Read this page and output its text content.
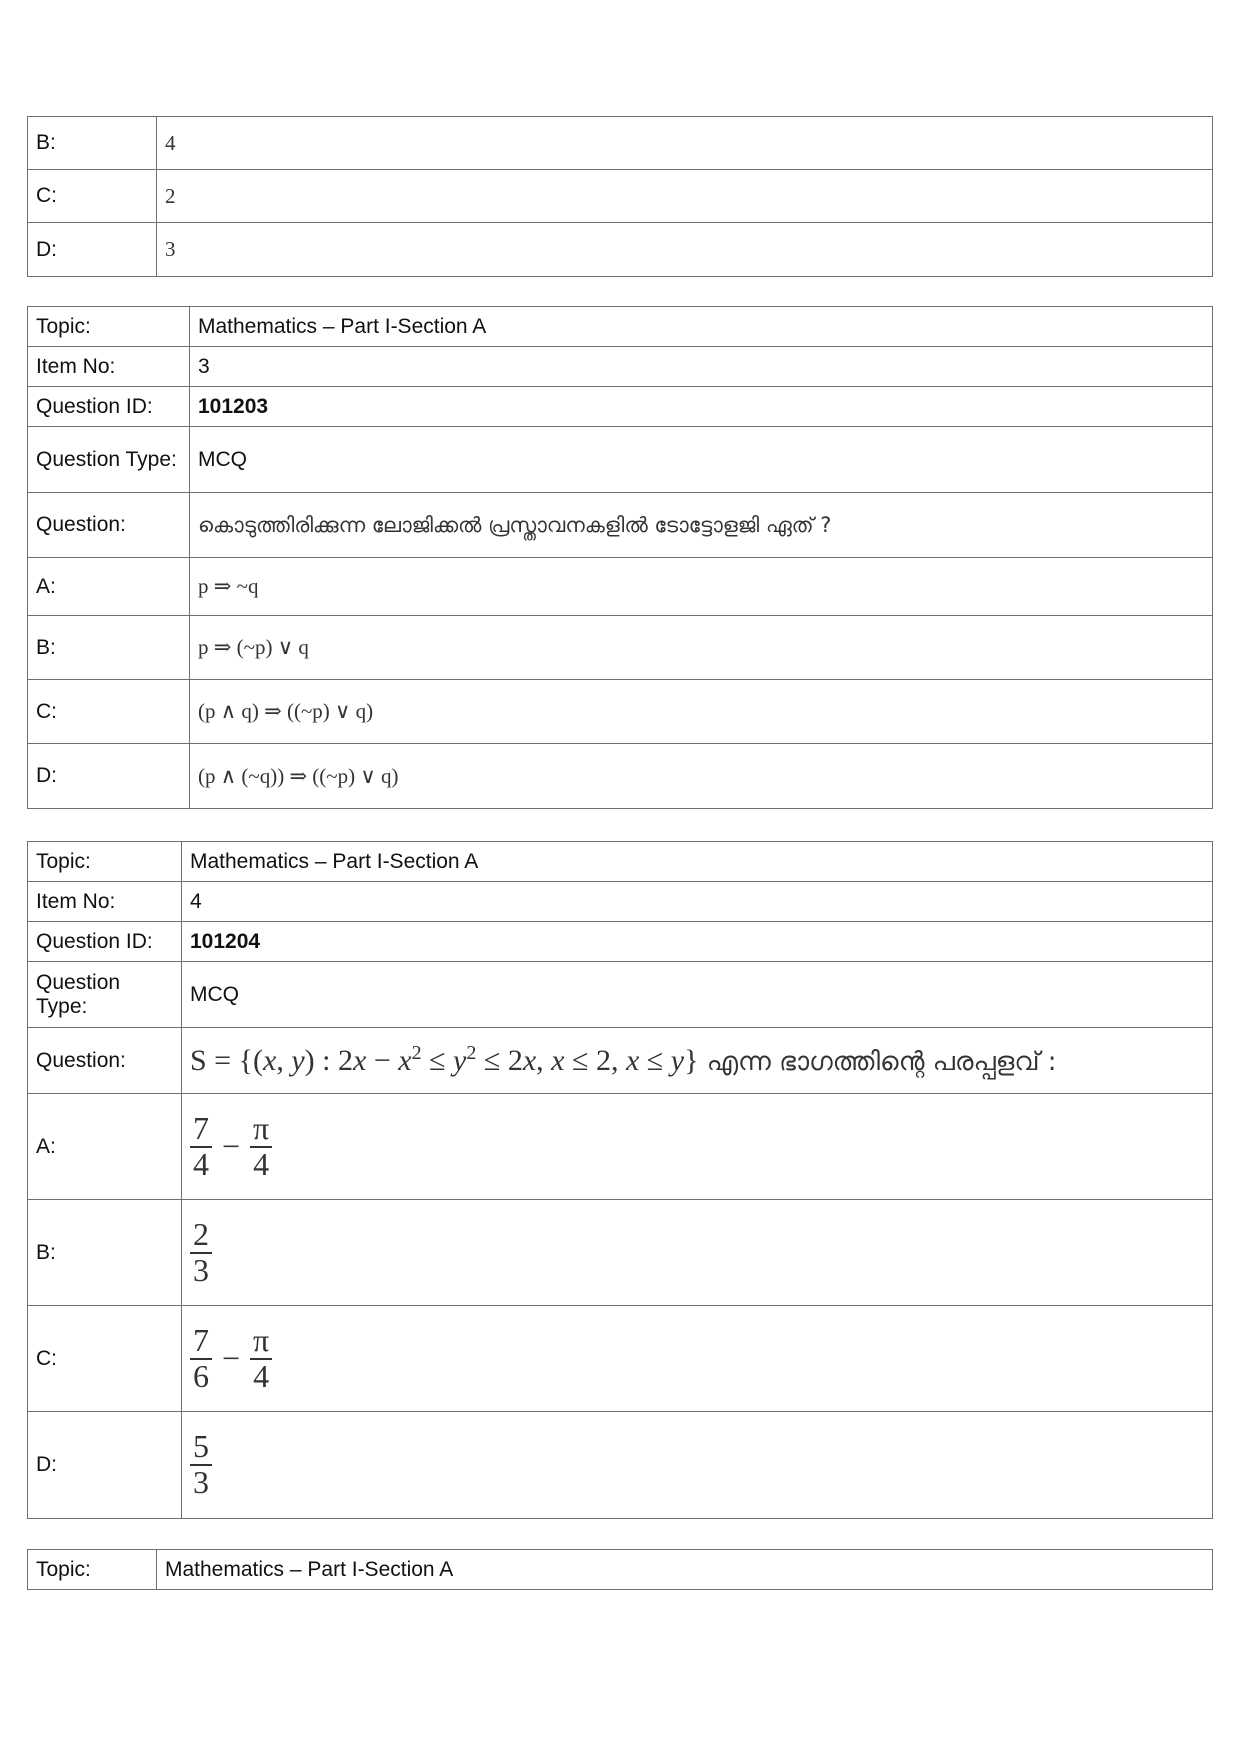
B:	4
C:	2
D:	3
Topic:	Mathematics – Part I-Section A
Item No:	3
Question ID:	101203
Question Type:	MCQ
Question:	കൊടുത്തിരിക്കുന്ന ലോജിക്കൽ പ്രസ്താവനകളിൽ ടോട്ടോളജി ഏത് ?
A:	p ⇒ ~q
B:	p ⇒ (~p) ∨ q
C:	(p ∧ q) ⇒ ((~p) ∨ q)
D:	(p ∧ (~q)) ⇒ ((~p) ∨ q)
Topic:	Mathematics – Part I-Section A
Item No:	4
Question ID:	101204
Question Type:	MCQ
Question:	S = {(x, y) : $2x - x^2 \le y^2 \le 2x$, x ≤ 2, x ≤ y} എന്ന ഭാഗത്തിന്റെ പരപ്പളവ് :
A:	$\frac{7}{4} - \frac{\pi}{4}$

B:	$\frac{2}{3}$

C:	$\frac{7}{6} - \frac{\pi}{4}$

D:	$\frac{5}{3}$
Topic:	Mathematics – Part I-Section A
